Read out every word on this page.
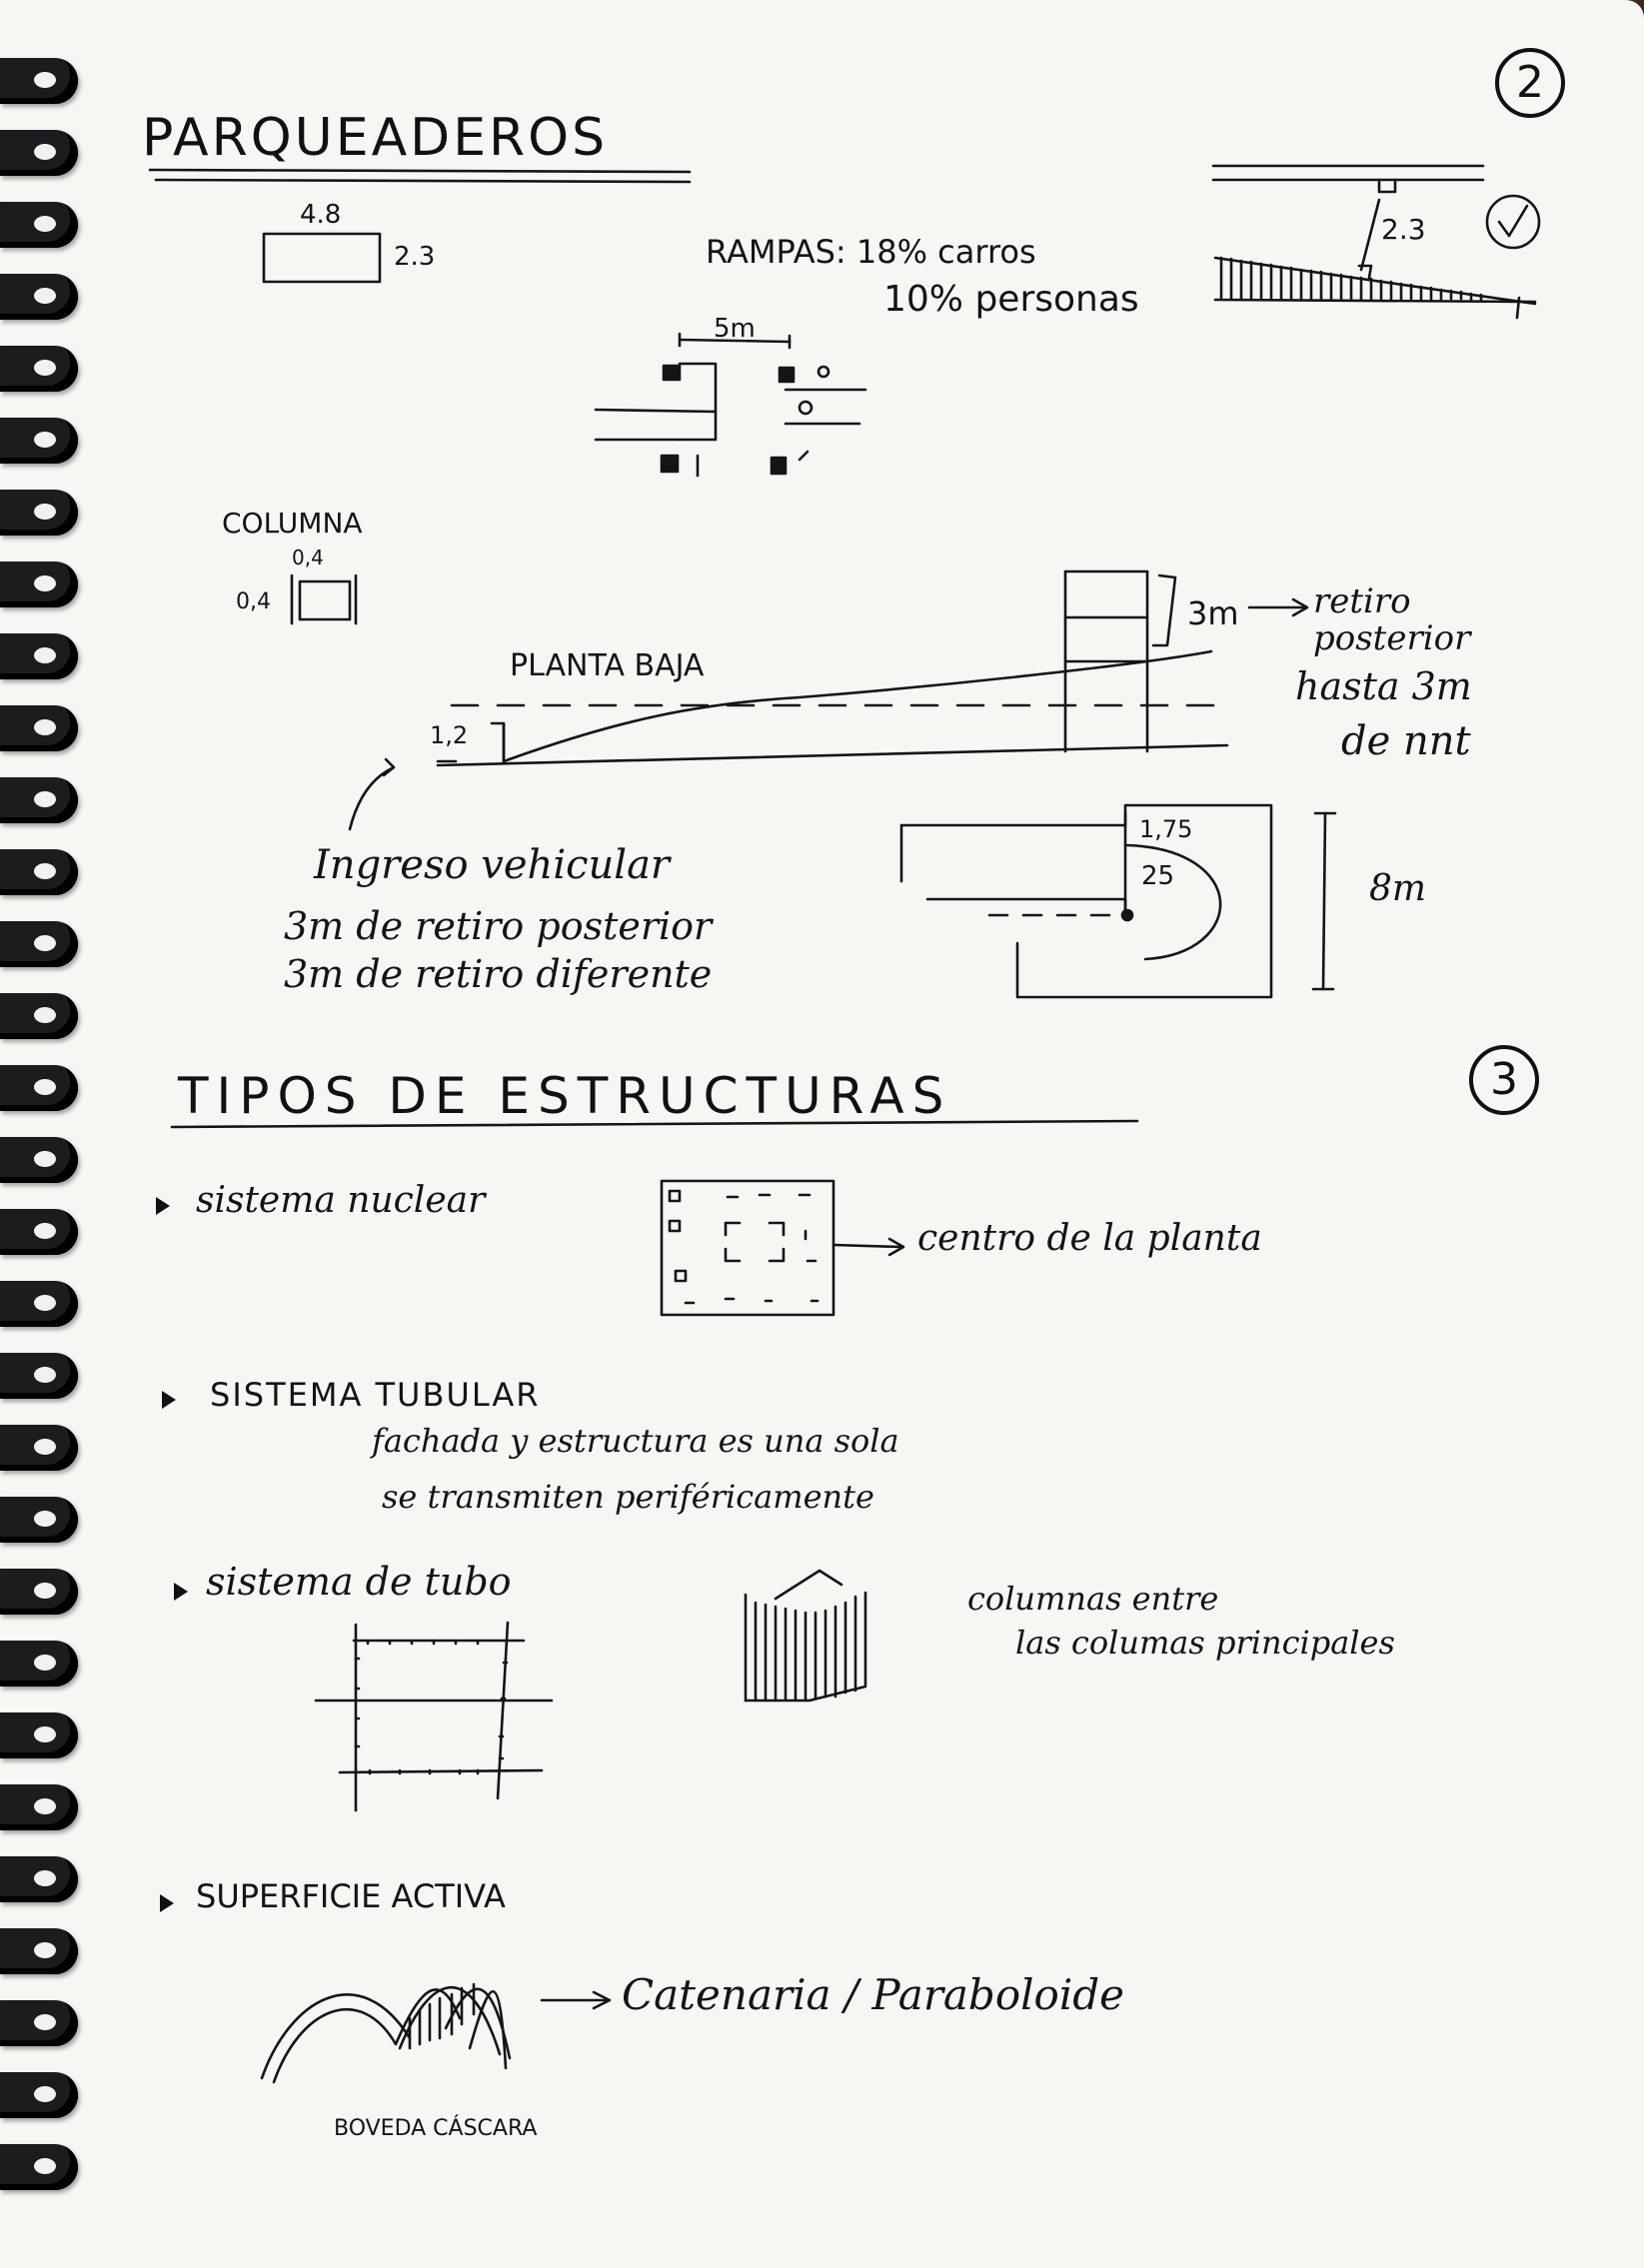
2
PARQUEADEROS
4.8
2.3	RAMPAS: 18% carros
10% personas
2.3
5m
COLUMNA
0,4
0,4
PLANTA BAJA
1,2
3m retiro posterior
hasta 3m
de nnt
Ingreso vehicular
3m de retiro posterior
3m de retiro diferente
1,75
25	8m
3
TIPOS DE ESTRUCTURAS
sistema nuclear
centro de la planta
SISTEMA TUBULAR
fachada y estructura es una sola
se transmiten periféricamente
sistema de tubo	columnas entre
las columas principales
SUPERFICIE ACTIVA
Catenaria / Paraboloide
BOVEDA CÁSCARA
